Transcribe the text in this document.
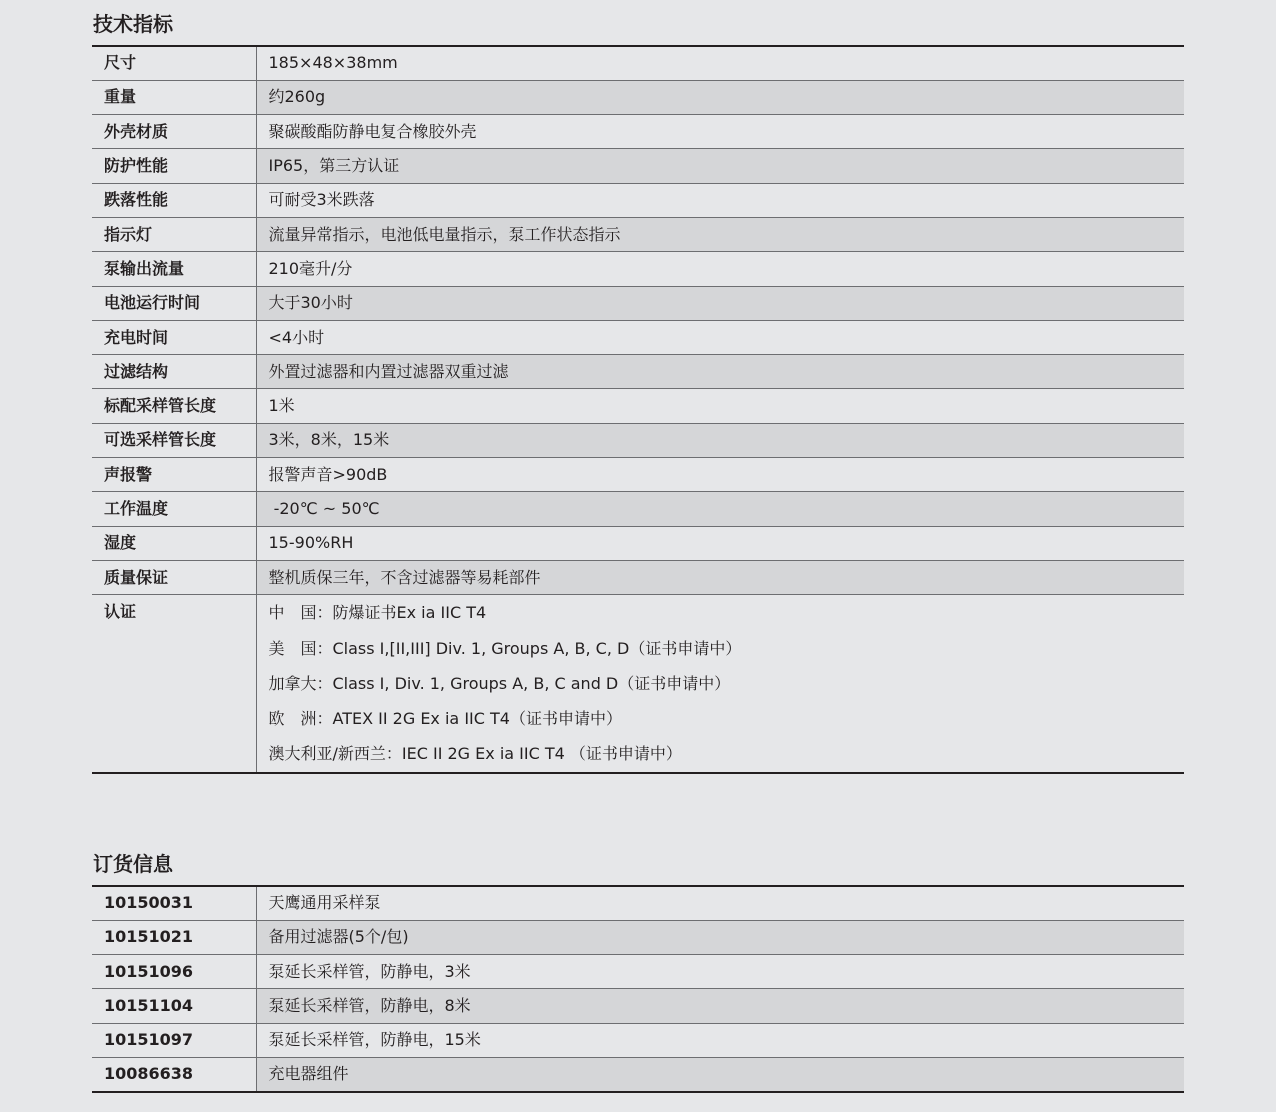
技术指标
尺寸	185×48×38mm
重量	约260g
外壳材质	聚碳酸酯防静电复合橡胶外壳
防护性能	IP65，第三方认证
跌落性能	可耐受3米跌落
指示灯	流量异常指示，电池低电量指示，泵工作状态指示
泵输出流量	210毫升/分
电池运行时间	大于30小时
充电时间	<4小时
过滤结构	外置过滤器和内置过滤器双重过滤
标配采样管长度	1米
可选采样管长度	3米，8米，15米
声报警	报警声音>90dB
工作温度	-20℃ ~ 50℃
湿度	15-90%RH
质量保证	整机质保三年，不含过滤器等易耗部件
认证	中　国：防爆证书Ex ia IIC T4
美　国：Class I,[II,III] Div. 1, Groups A, B, C, D（证书申请中）
加拿大：Class I, Div. 1, Groups A, B, C and D（证书申请中）
欧　洲：ATEX II 2G Ex ia IIC T4（证书申请中）
澳大利亚/新西兰：IEC II 2G Ex ia IIC T4 （证书申请中）
订货信息
10150031	天鹰通用采样泵
10151021	备用过滤器(5个/包)
10151096	泵延长采样管，防静电，3米
10151104	泵延长采样管，防静电，8米
10151097	泵延长采样管，防静电，15米
10086638	充电器组件
